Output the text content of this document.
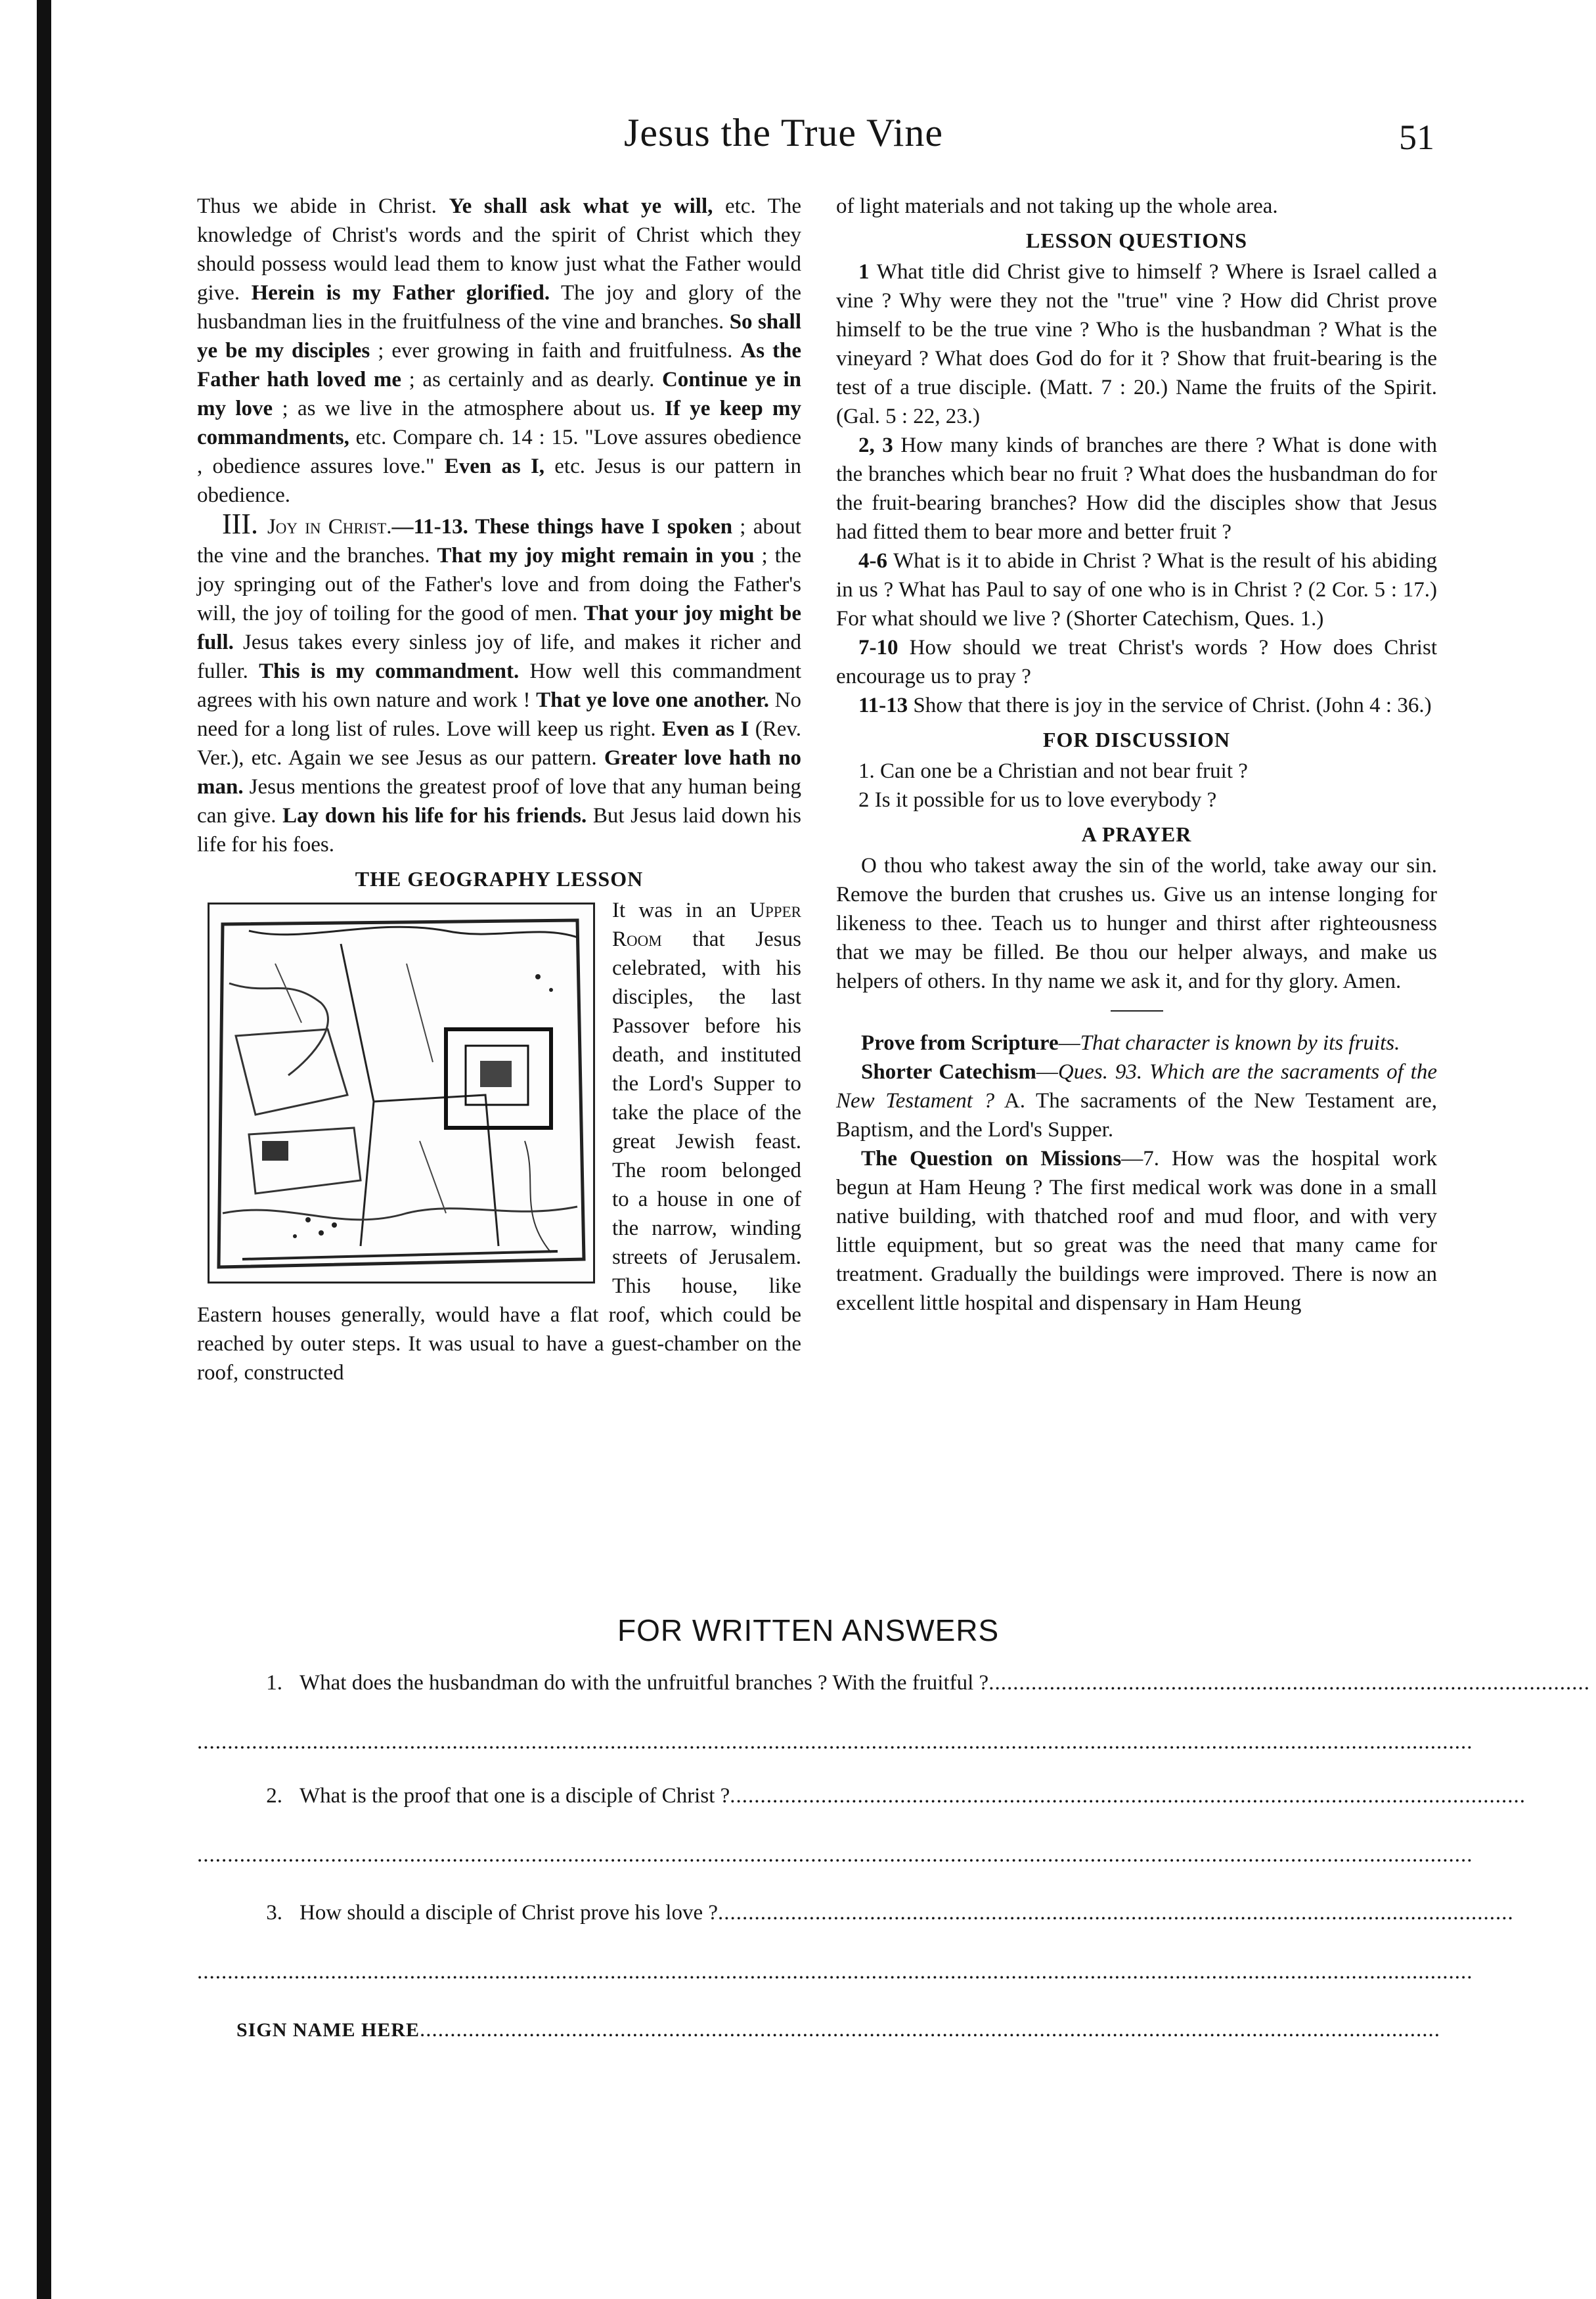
Jesus the True Vine	51

Thus we abide in Christ. Ye shall ask what ye will, etc. The knowledge of Christ's words and the spirit of Christ which they should possess would lead them to know just what the Father would give. Herein is my Father glorified. The joy and glory of the husbandman lies in the fruitfulness of the vine and branches. So shall ye be my disciples ; ever growing in faith and fruitfulness. As the Father hath loved me ; as certainly and as dearly. Continue ye in my love ; as we live in the atmosphere about us. If ye keep my commandments, etc. Compare ch. 14 : 15. "Love assures obedience , obedience assures love." Even as I, etc. Jesus is our pattern in obedience.

III. Joy in Christ.—11-13. These things have I spoken ; about the vine and the branches. That my joy might remain in you ; the joy springing out of the Father's love and from doing the Father's will, the joy of toiling for the good of men. That your joy might be full. Jesus takes every sinless joy of life, and makes it richer and fuller. This is my commandment. How well this commandment agrees with his own nature and work ! That ye love one another. No need for a long list of rules. Love will keep us right. Even as I (Rev. Ver.), etc. Again we see Jesus as our pattern. Greater love hath no man. Jesus mentions the greatest proof of love that any human being can give. Lay down his life for his friends. But Jesus laid down his life for his foes.

THE GEOGRAPHY LESSON
It was in an Upper Room that Jesus celebrated, with his disciples, the last Passover before his death, and instituted the Lord's Supper to take the place of the great Jewish feast. The room belonged to a house in one of the narrow, winding streets of Jerusalem. This house, like Eastern houses generally, would have a flat roof, which could be reached by outer steps. It was usual to have a guest-chamber on the roof, constructed

of light materials and not taking up the whole area.

LESSON QUESTIONS

1 What title did Christ give to himself ? Where is Israel called a vine ? Why were they not the "true" vine ? How did Christ prove himself to be the true vine ? Who is the husbandman ? What is the vineyard ? What does God do for it ? Show that fruit-bearing is the test of a true disciple. (Matt. 7 : 20.) Name the fruits of the Spirit. (Gal. 5 : 22, 23.)

2, 3 How many kinds of branches are there ? What is done with the branches which bear no fruit ? What does the husbandman do for the fruit-bearing branches? How did the disciples show that Jesus had fitted them to bear more and better fruit ?

4-6 What is it to abide in Christ ? What is the result of his abiding in us ? What has Paul to say of one who is in Christ ? (2 Cor. 5 : 17.) For what should we live ? (Shorter Catechism, Ques. 1.)

7-10 How should we treat Christ's words ? How does Christ encourage us to pray ?

11-13 Show that there is joy in the service of Christ. (John 4 : 36.)

FOR DISCUSSION

1. Can one be a Christian and not bear fruit ?

2 Is it possible for us to love everybody ?

A PRAYER

O thou who takest away the sin of the world, take away our sin. Remove the burden that crushes us. Give us an intense longing for likeness to thee. Teach us to hunger and thirst after righteousness that we may be filled. Be thou our helper always, and make us helpers of others. In thy name we ask it, and for thy glory. Amen.

Prove from Scripture—That character is known by its fruits.

Shorter Catechism—Ques. 93. Which are the sacraments of the New Testament ? A. The sacraments of the New Testament are, Baptism, and the Lord's Supper.

The Question on Missions—7. How was the hospital work begun at Ham Heung ? The first medical work was done in a small native building, with thatched roof and mud floor, and with very little equipment, but so great was the need that many came for treatment. Gradually the buildings were improved. There is now an excellent little hospital and dispensary in Ham Heung

FOR WRITTEN ANSWERS
1. What does the husbandman do with the unfruitful branches ? With the fruitful ?...................................................................................................
..................................................................................................................................................................................................................
2. What is the proof that one is a disciple of Christ ?...................................................................................................................................
..................................................................................................................................................................................................................
3. How should a disciple of Christ prove his love ?...................................................................................................................................
..................................................................................................................................................................................................................
SIGN NAME HERE........................................................................................................................................................................
